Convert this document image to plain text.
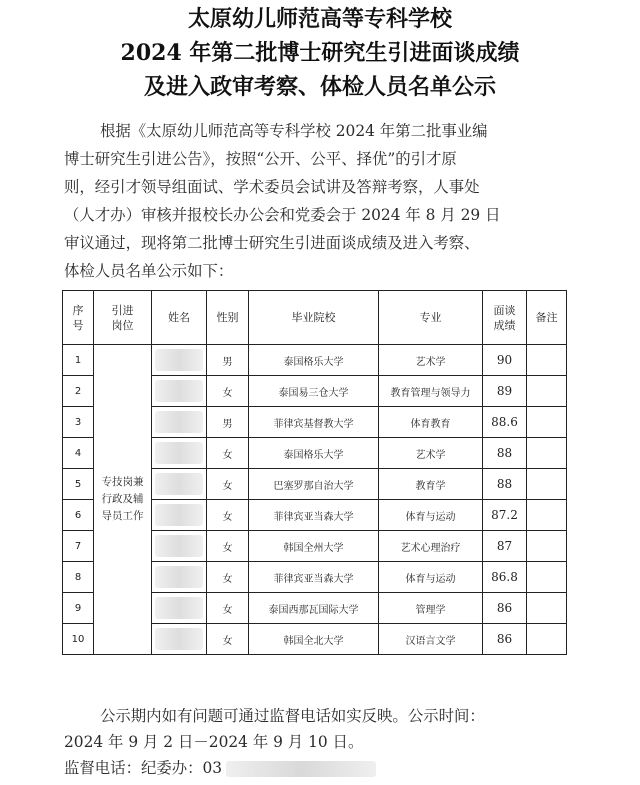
太原幼儿师范高等专科学校
2024 年第二批博士研究生引进面谈成绩
及进入政审考察、体检人员名单公示
根据《太原幼儿师范高等专科学校 2024 年第二批事业编
博士研究生引进公告》，按照“公开、公平、择优”的引才原
则，经引才领导组面试、学术委员会试讲及答辩考察，人事处
（人才办）审核并报校长办公会和党委会于 2024 年 8 月 29 日
审议通过，现将第二批博士研究生引进面谈成绩及进入考察、
体检人员名单公示如下：
序号	引进岗位	姓名	性别	毕业院校	专业	面谈成绩	备注
1	专技岗兼行政及辅导员工作		男	泰国格乐大学	艺术学	90	
2			女	泰国易三仓大学	教育管理与领导力	89	
3			男	菲律宾基督教大学	体育教育	88.6	
4			女	泰国格乐大学	艺术学	88	
5			女	巴塞罗那自治大学	教育学	88	
6			女	菲律宾亚当森大学	体育与运动	87.2	
7			女	韩国全州大学	艺术心理治疗	87	
8			女	菲律宾亚当森大学	体育与运动	86.8	
9			女	泰国西那瓦国际大学	管理学	86	
10			女	韩国全北大学	汉语言文学	86	
公示期内如有问题可通过监督电话如实反映。公示时间：
2024 年 9 月 2 日－2024 年 9 月 10 日。
监督电话：纪委办：03
